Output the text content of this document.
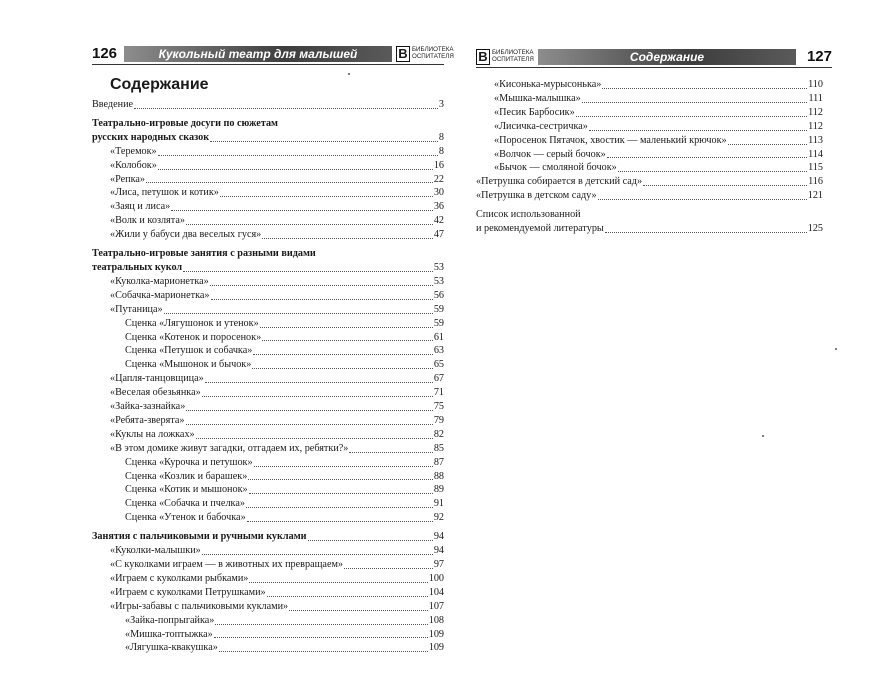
126	Кукольный театр для малышей	B БИБЛИОТЕКА ОСПИТАТЕЛЯ
Содержание
Введение	3
Театрально-игровые досуги по сюжетам
русских народных сказок	8
«Теремок»	8
«Колобок»	16
«Репка»	22
«Лиса, петушок и котик»	30
«Заяц и лиса»	36
«Волк и козлята»	42
«Жили у бабуси два веселых гуся»	47
Театрально-игровые занятия с разными видами
театральных кукол	53
«Куколка-марионетка»	53
«Собачка-марионетка»	56
«Путаница»	59
Сценка «Лягушонок и утенок»	59
Сценка «Котенок и поросенок»	61
Сценка «Петушок и собачка»	63
Сценка «Мышонок и бычок»	65
«Цапля-танцовщица»	67
«Веселая обезьянка»	71
«Зайка-зазнайка»	75
«Ребята-зверята»	79
«Куклы на ложках»	82
«В этом домике живут загадки, отгадаем их, ребятки?»	85
Сценка «Курочка и петушок»	87
Сценка «Козлик и барашек»	88
Сценка «Котик и мышонок»	89
Сценка «Собачка и пчелка»	91
Сценка «Утенок и бабочка»	92
Занятия с пальчиковыми и ручными куклами	94
«Куколки-малышки»	94
«С куколками играем — в животных их превращаем»	97
«Играем с куколками рыбками»	100
«Играем с куколками Петрушками»	104
«Игры-забавы с пальчиковыми куклами»	107
«Зайка-попрыгайка»	108
«Мишка-топтыжка»	109
«Лягушка-квакушка»	109
B БИБЛИОТЕКА ОСПИТАТЕЛЯ	Содержание	127
«Кисонька-мурысонька»	110
«Мышка-малышка»	111
«Песик Барбосик»	112
«Лисичка-сестричка»	112
«Поросенок Пятачок, хвостик — маленький крючок»	113
«Волчок — серый бочок»	114
«Бычок — смоляной бочок»	115
«Петрушка собирается в детский сад»	116
«Петрушка в детском саду»	121
Список использованной
и рекомендуемой литературы	125
